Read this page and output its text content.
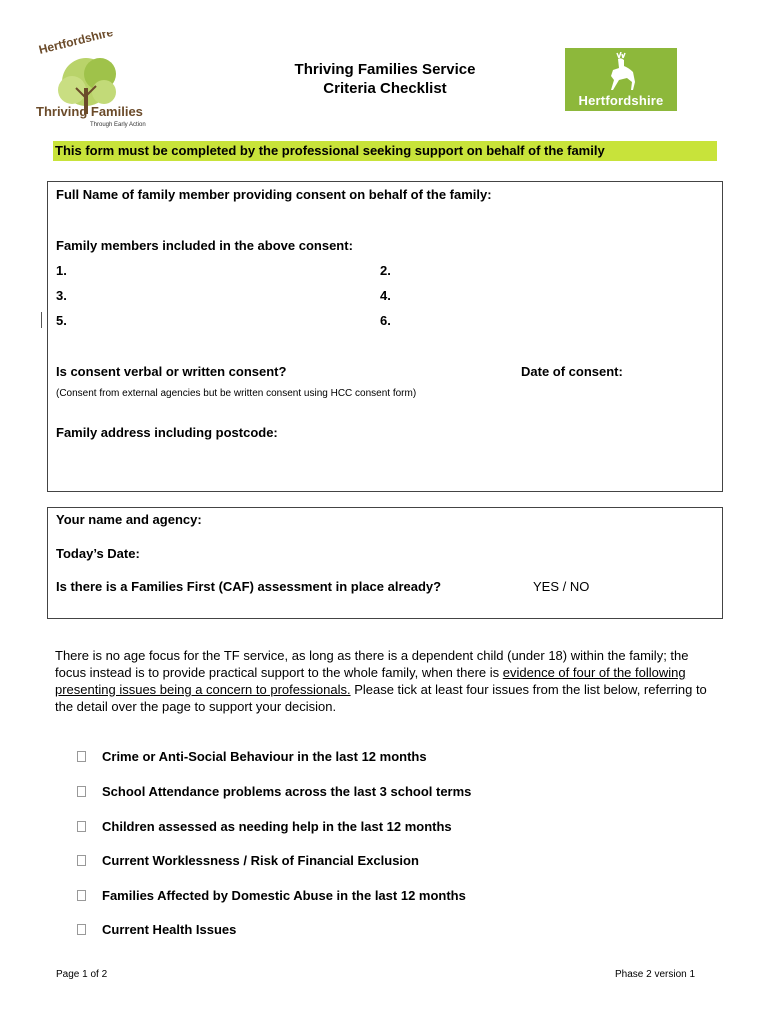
Hertfordshire
Thriving Families
Through Early Action
Hertfordshire
Thriving Families Service
Criteria Checklist
This form must be completed by the professional seeking support on behalf of the family
Full Name of family member providing consent on behalf of the family:
Family members included in the above consent:
1.	2.
3.	4.
5.	6.
Is consent verbal or written consent?	Date of consent:
(Consent from external agencies but be written consent using HCC consent form)
Family address including postcode:
Your name and agency:
Today’s Date:
Is there is a Families First (CAF) assessment in place already?	YES / NO
There is no age focus for the TF service, as long as there is a dependent child (under 18) within the family; the focus instead is to provide practical support to the whole family, when there is evidence of four of the following presenting issues being a concern to professionals. Please tick at least four issues from the list below, referring to the detail over the page to support your decision.
Crime or Anti-Social Behaviour in the last 12 months
School Attendance problems across the last 3 school terms
Children assessed as needing help in the last 12 months
Current Worklessness / Risk of Financial Exclusion
Families Affected by Domestic Abuse in the last 12 months
Current Health Issues
Page 1 of 2	Phase 2 version 1
